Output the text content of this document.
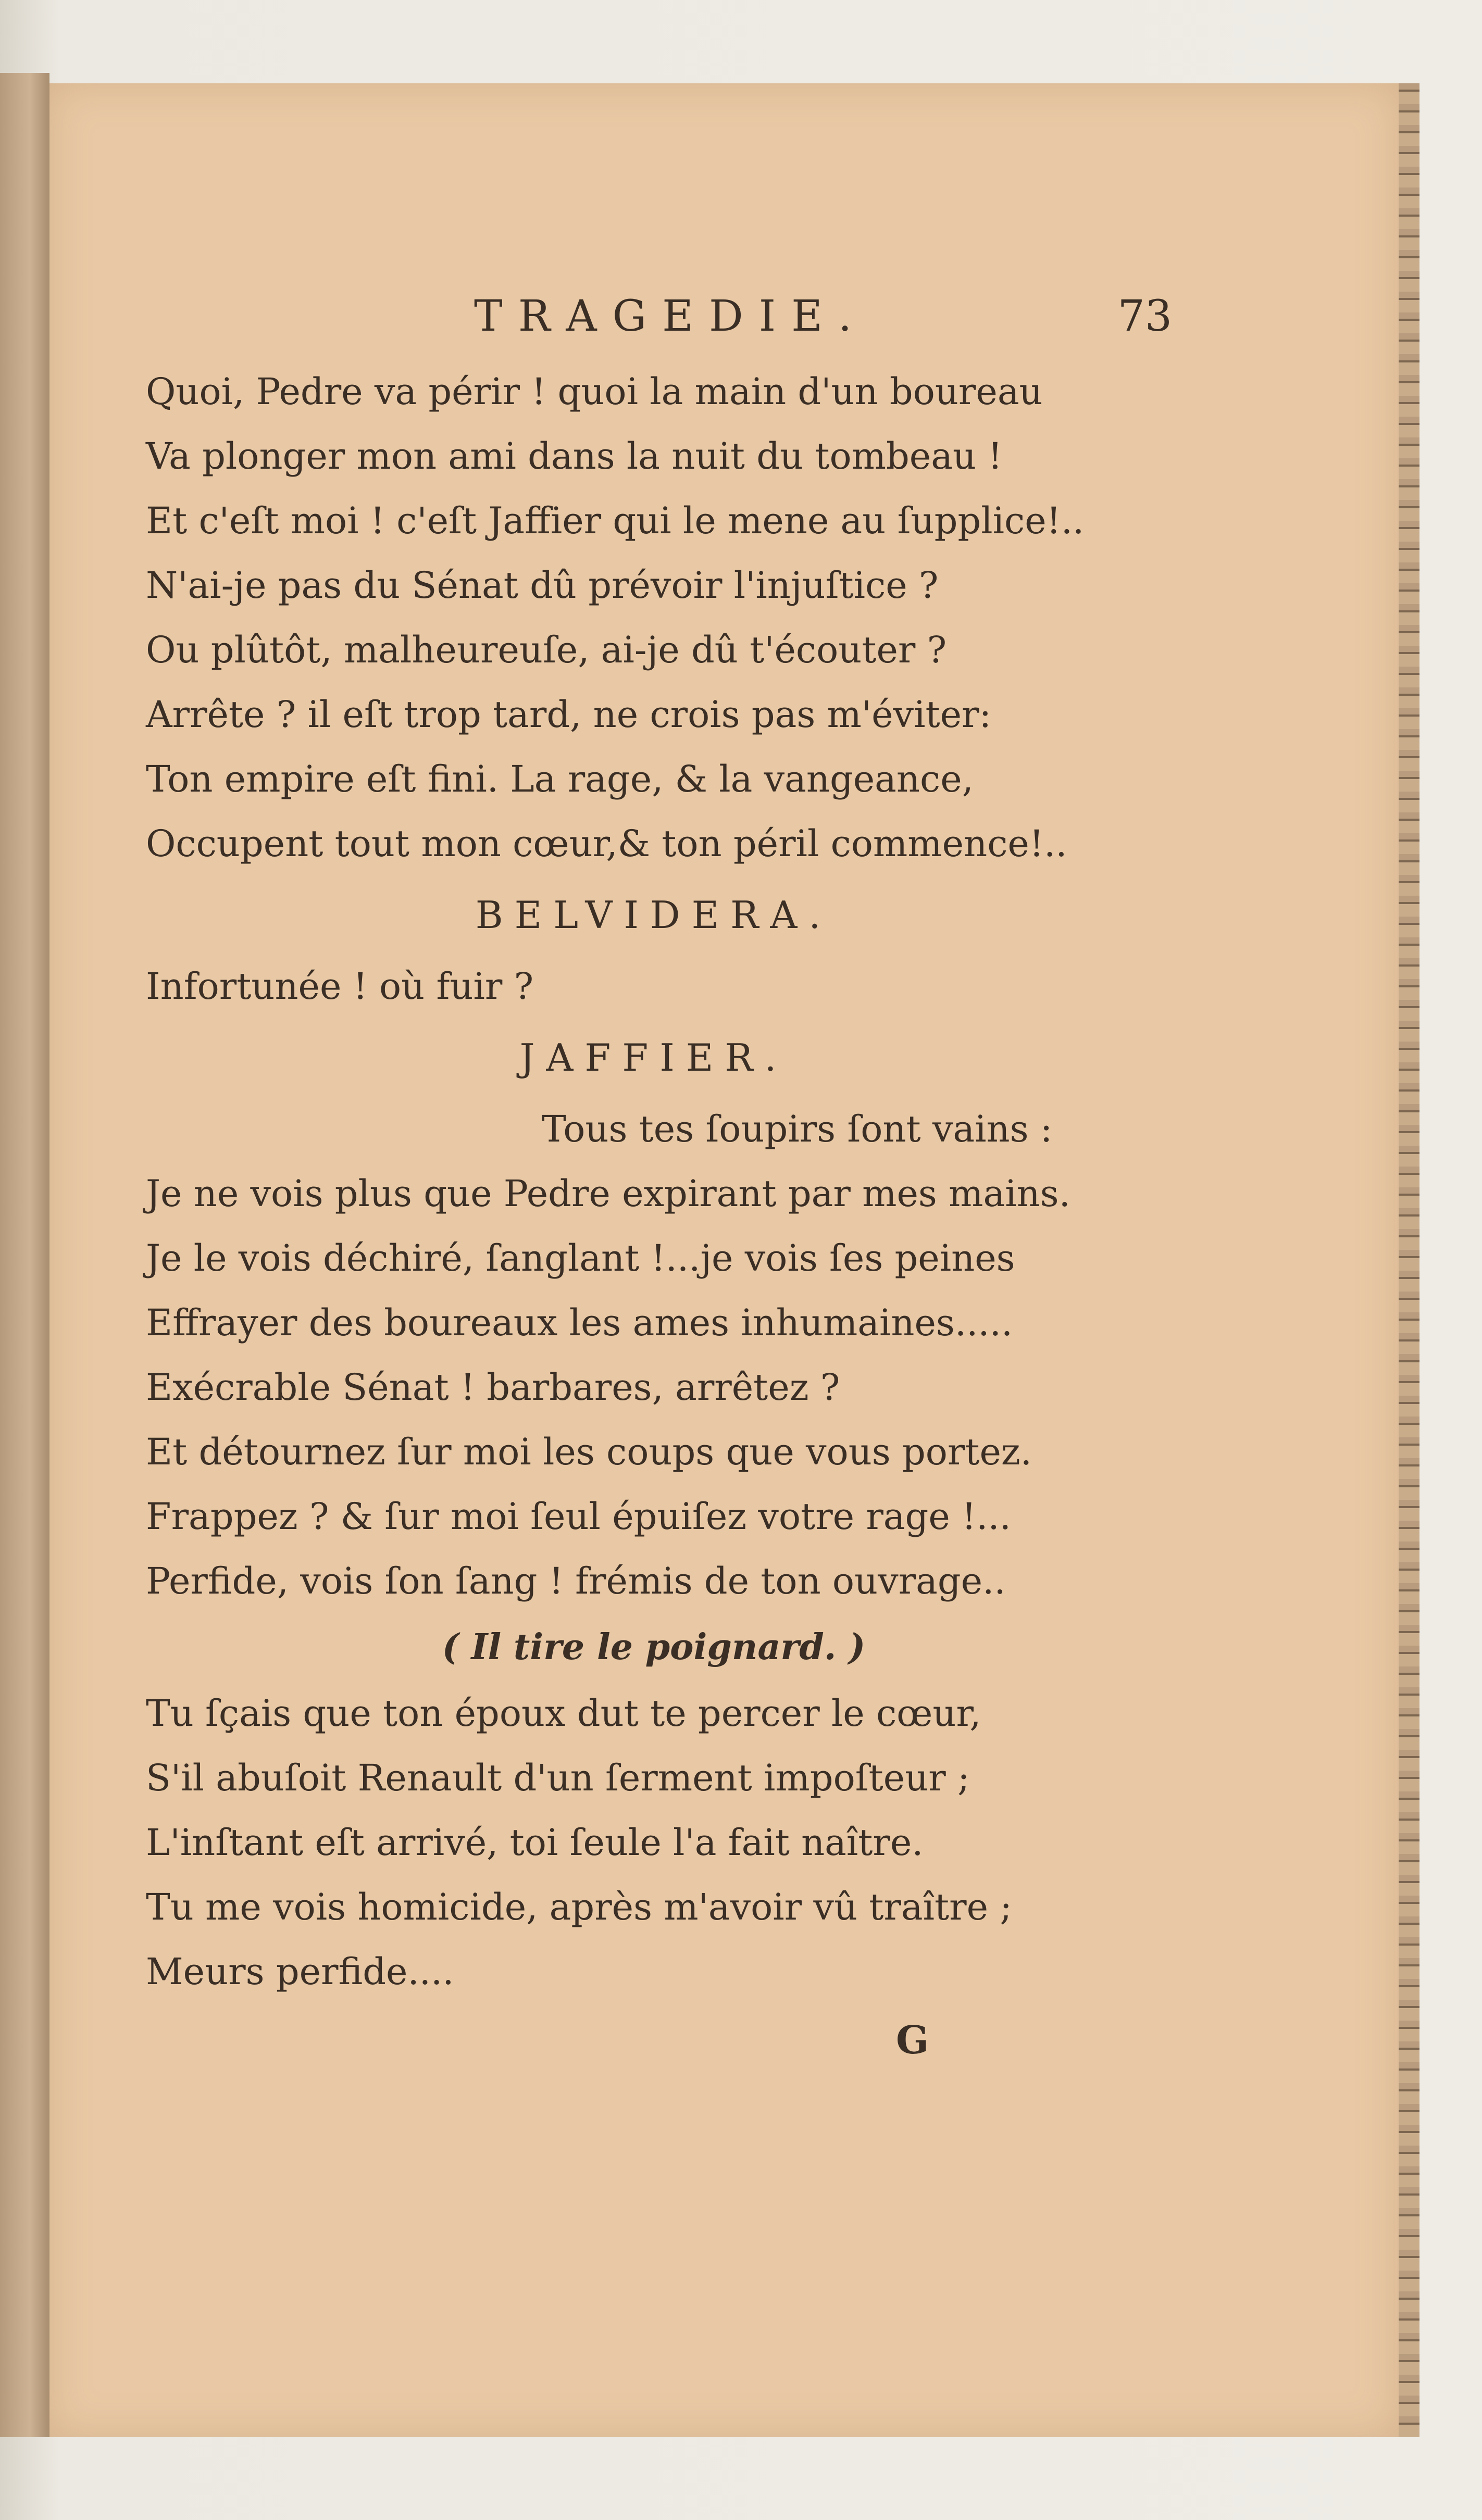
TRAGEDIE.	73
Quoi, Pedre va périr ! quoi la main d'un boureau
Va plonger mon ami dans la nuit du tombeau !
Et c'eſt moi ! c'eſt Jaffier qui le mene au ſupplice!..
N'ai-je pas du Sénat dû prévoir l'injuſtice ?
Ou plûtôt, malheureuſe, ai-je dû t'écouter ?
Arrête ? il eſt trop tard, ne crois pas m'éviter:
Ton empire eſt fini. La rage, & la vangeance,
Occupent tout mon cœur,& ton péril commence!..
BELVIDERA.
Infortunée ! où fuir ?
JAFFIER.
Tous tes ſoupirs ſont vains :
Je ne vois plus que Pedre expirant par mes mains.
Je le vois déchiré, ſanglant !...je vois ſes peines
Effrayer des boureaux les ames inhumaines.....
Exécrable Sénat ! barbares, arrêtez ?
Et détournez ſur moi les coups que vous portez.
Frappez ? & ſur moi ſeul épuiſez votre rage !...
Perfide, vois ſon ſang ! frémis de ton ouvrage..
( Il tire le poignard. )
Tu ſçais que ton époux dut te percer le cœur,
S'il abuſoit Renault d'un ſerment impoſteur ;
L'inſtant eſt arrivé, toi ſeule l'a fait naître.
Tu me vois homicide, après m'avoir vû traître ;
Meurs perfide....
G
